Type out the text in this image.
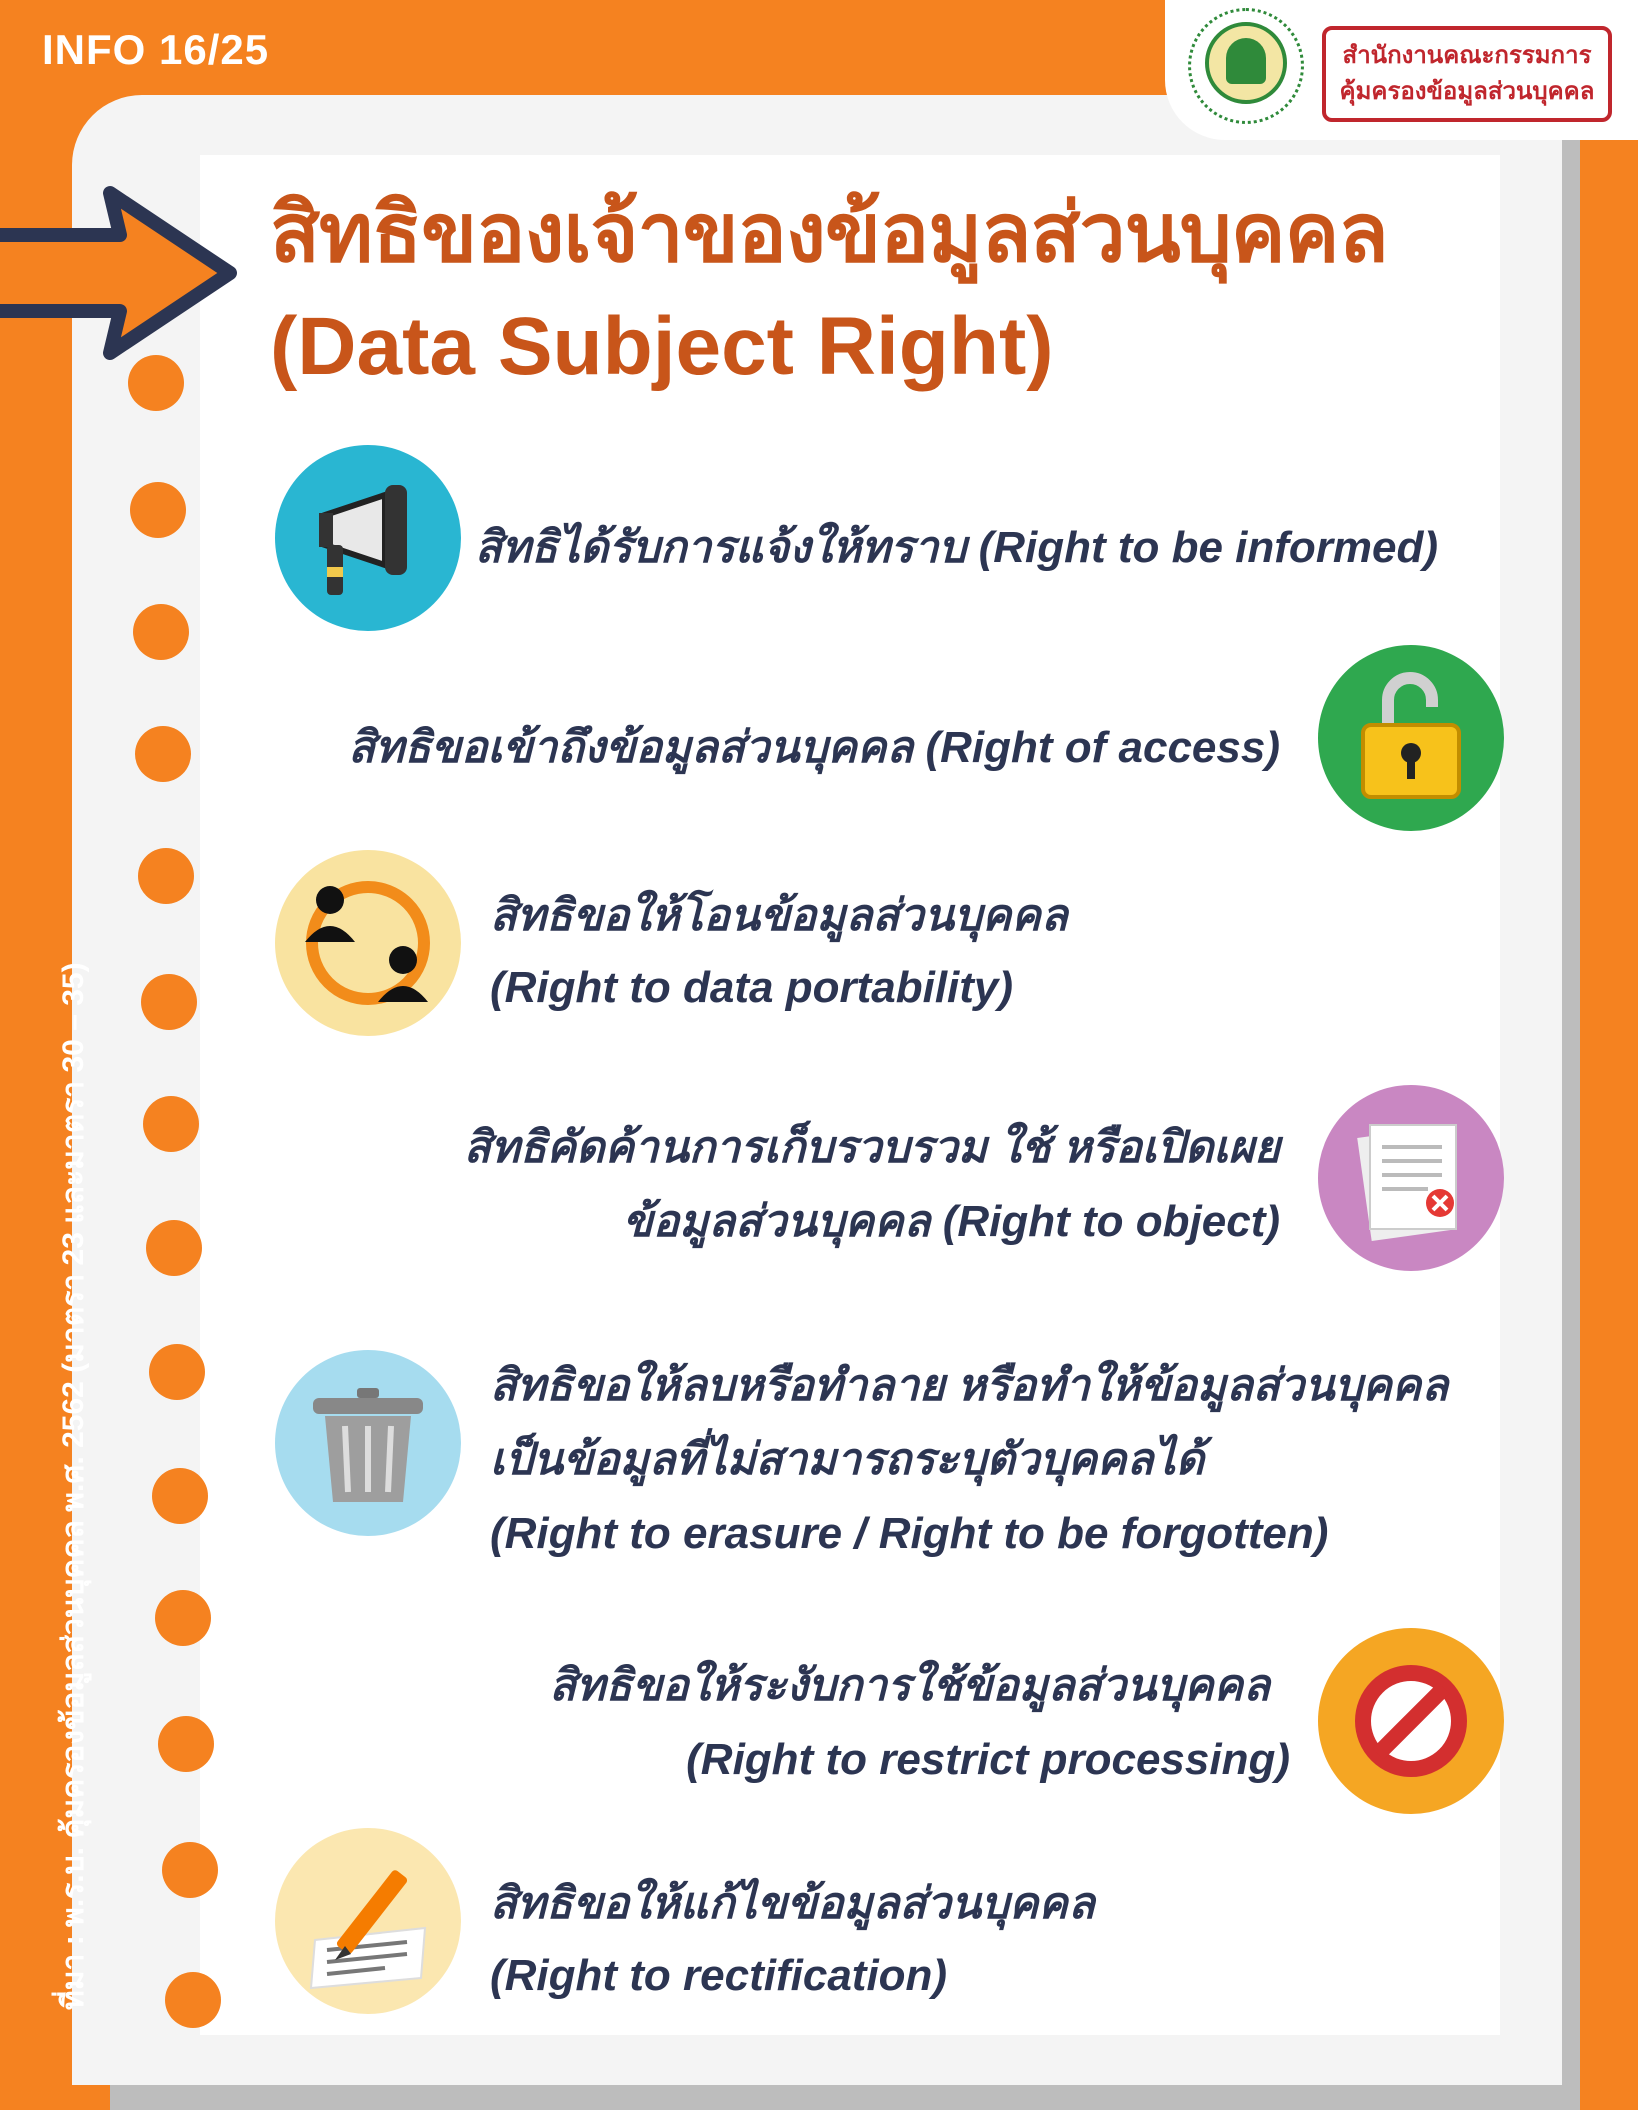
INFO 16/25	สำนักงานคณะกรรมการ
คุ้มครองข้อมูลส่วนบุคคล
สิทธิของเจ้าของข้อมูลส่วนบุคคล
(Data Subject Right)
สิทธิได้รับการแจ้งให้ทราบ (Right to be informed)
สิทธิขอเข้าถึงข้อมูลส่วนบุคคล (Right of access)
สิทธิขอให้โอนข้อมูลส่วนบุคคล
(Right to data portability)
สิทธิคัดค้านการเก็บรวบรวม ใช้ หรือเปิดเผย
ข้อมูลส่วนบุคคล (Right to object)
สิทธิขอให้ลบหรือทำลาย หรือทำให้ข้อมูลส่วนบุคคล
เป็นข้อมูลที่ไม่สามารถระบุตัวบุคคลได้
(Right to erasure / Right to be forgotten)
สิทธิขอให้ระงับการใช้ข้อมูลส่วนบุคคล
(Right to restrict processing)
สิทธิขอให้แก้ไขข้อมูลส่วนบุคคล
(Right to rectification)
ที่มา : พ.ร.บ. คุ้มครองข้อมูลส่วนบุคคล พ.ศ. 2562 (มาตรา 23 และมาตรา 30 – 35)
